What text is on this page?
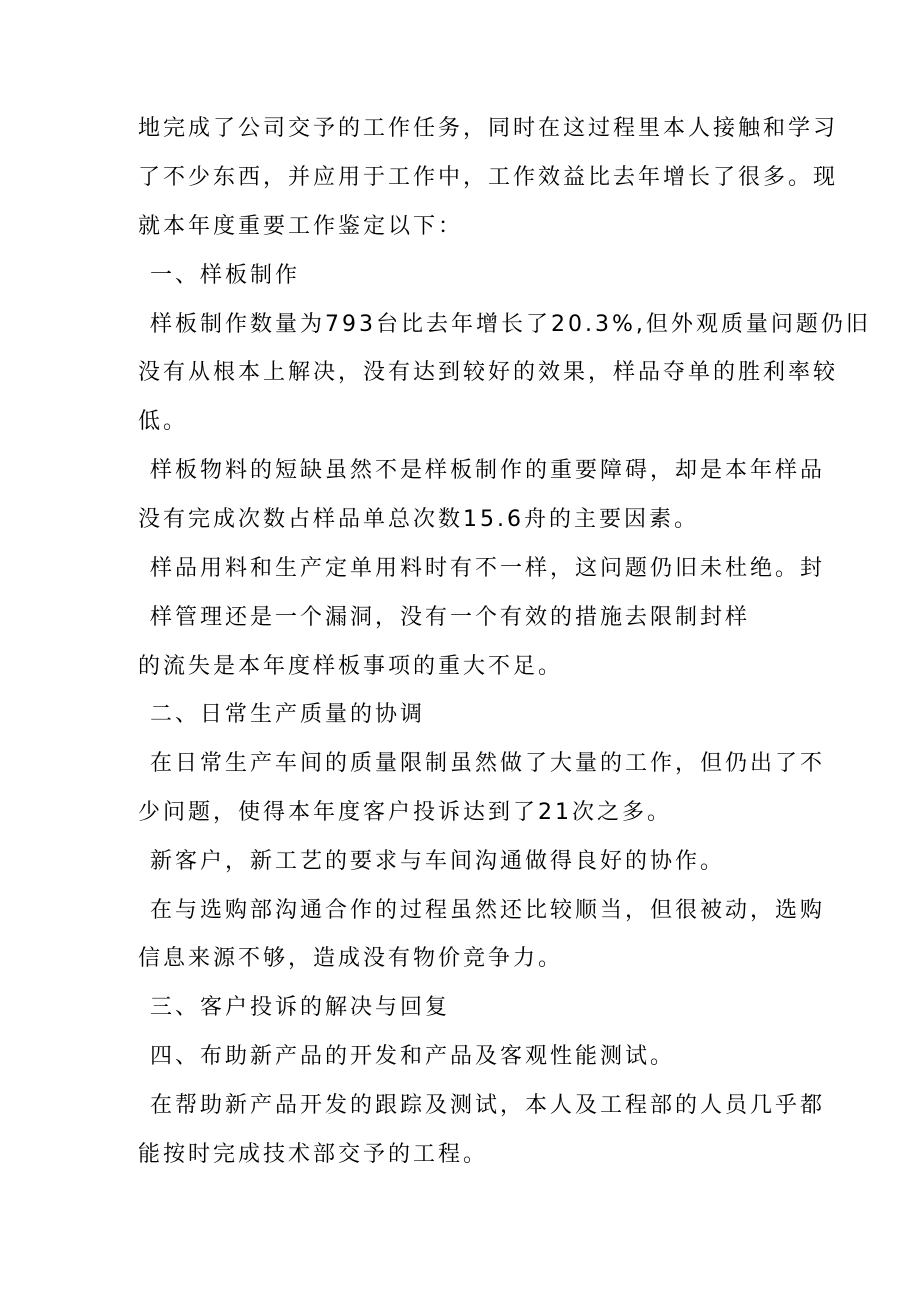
地完成了公司交予的工作任务，同时在这过程里本人接触和学习

了不少东西，并应用于工作中，工作效益比去年增长了很多。现

就本年度重要工作鉴定以下：

一、样板制作

样板制作数量为793台比去年增长了20.3%,但外观质量问题仍旧

没有从根本上解决，没有达到较好的效果，样品夺单的胜利率较

低。

样板物料的短缺虽然不是样板制作的重要障碍，却是本年样品

没有完成次数占样品单总次数15.6舟的主要因素。

样品用料和生产定单用料时有不一样，这问题仍旧未杜绝。封

样管理还是一个漏洞，没有一个有效的措施去限制封样

的流失是本年度样板事项的重大不足。

二、日常生产质量的协调

在日常生产车间的质量限制虽然做了大量的工作，但仍出了不

少问题，使得本年度客户投诉达到了21次之多。

新客户，新工艺的要求与车间沟通做得良好的协作。

在与选购部沟通合作的过程虽然还比较顺当，但很被动，选购

信息来源不够，造成没有物价竞争力。

三、客户投诉的解决与回复

四、布助新产品的开发和产品及客观性能测试。

在帮助新产品开发的跟踪及测试，本人及工程部的人员几乎都

能按时完成技术部交予的工程。
